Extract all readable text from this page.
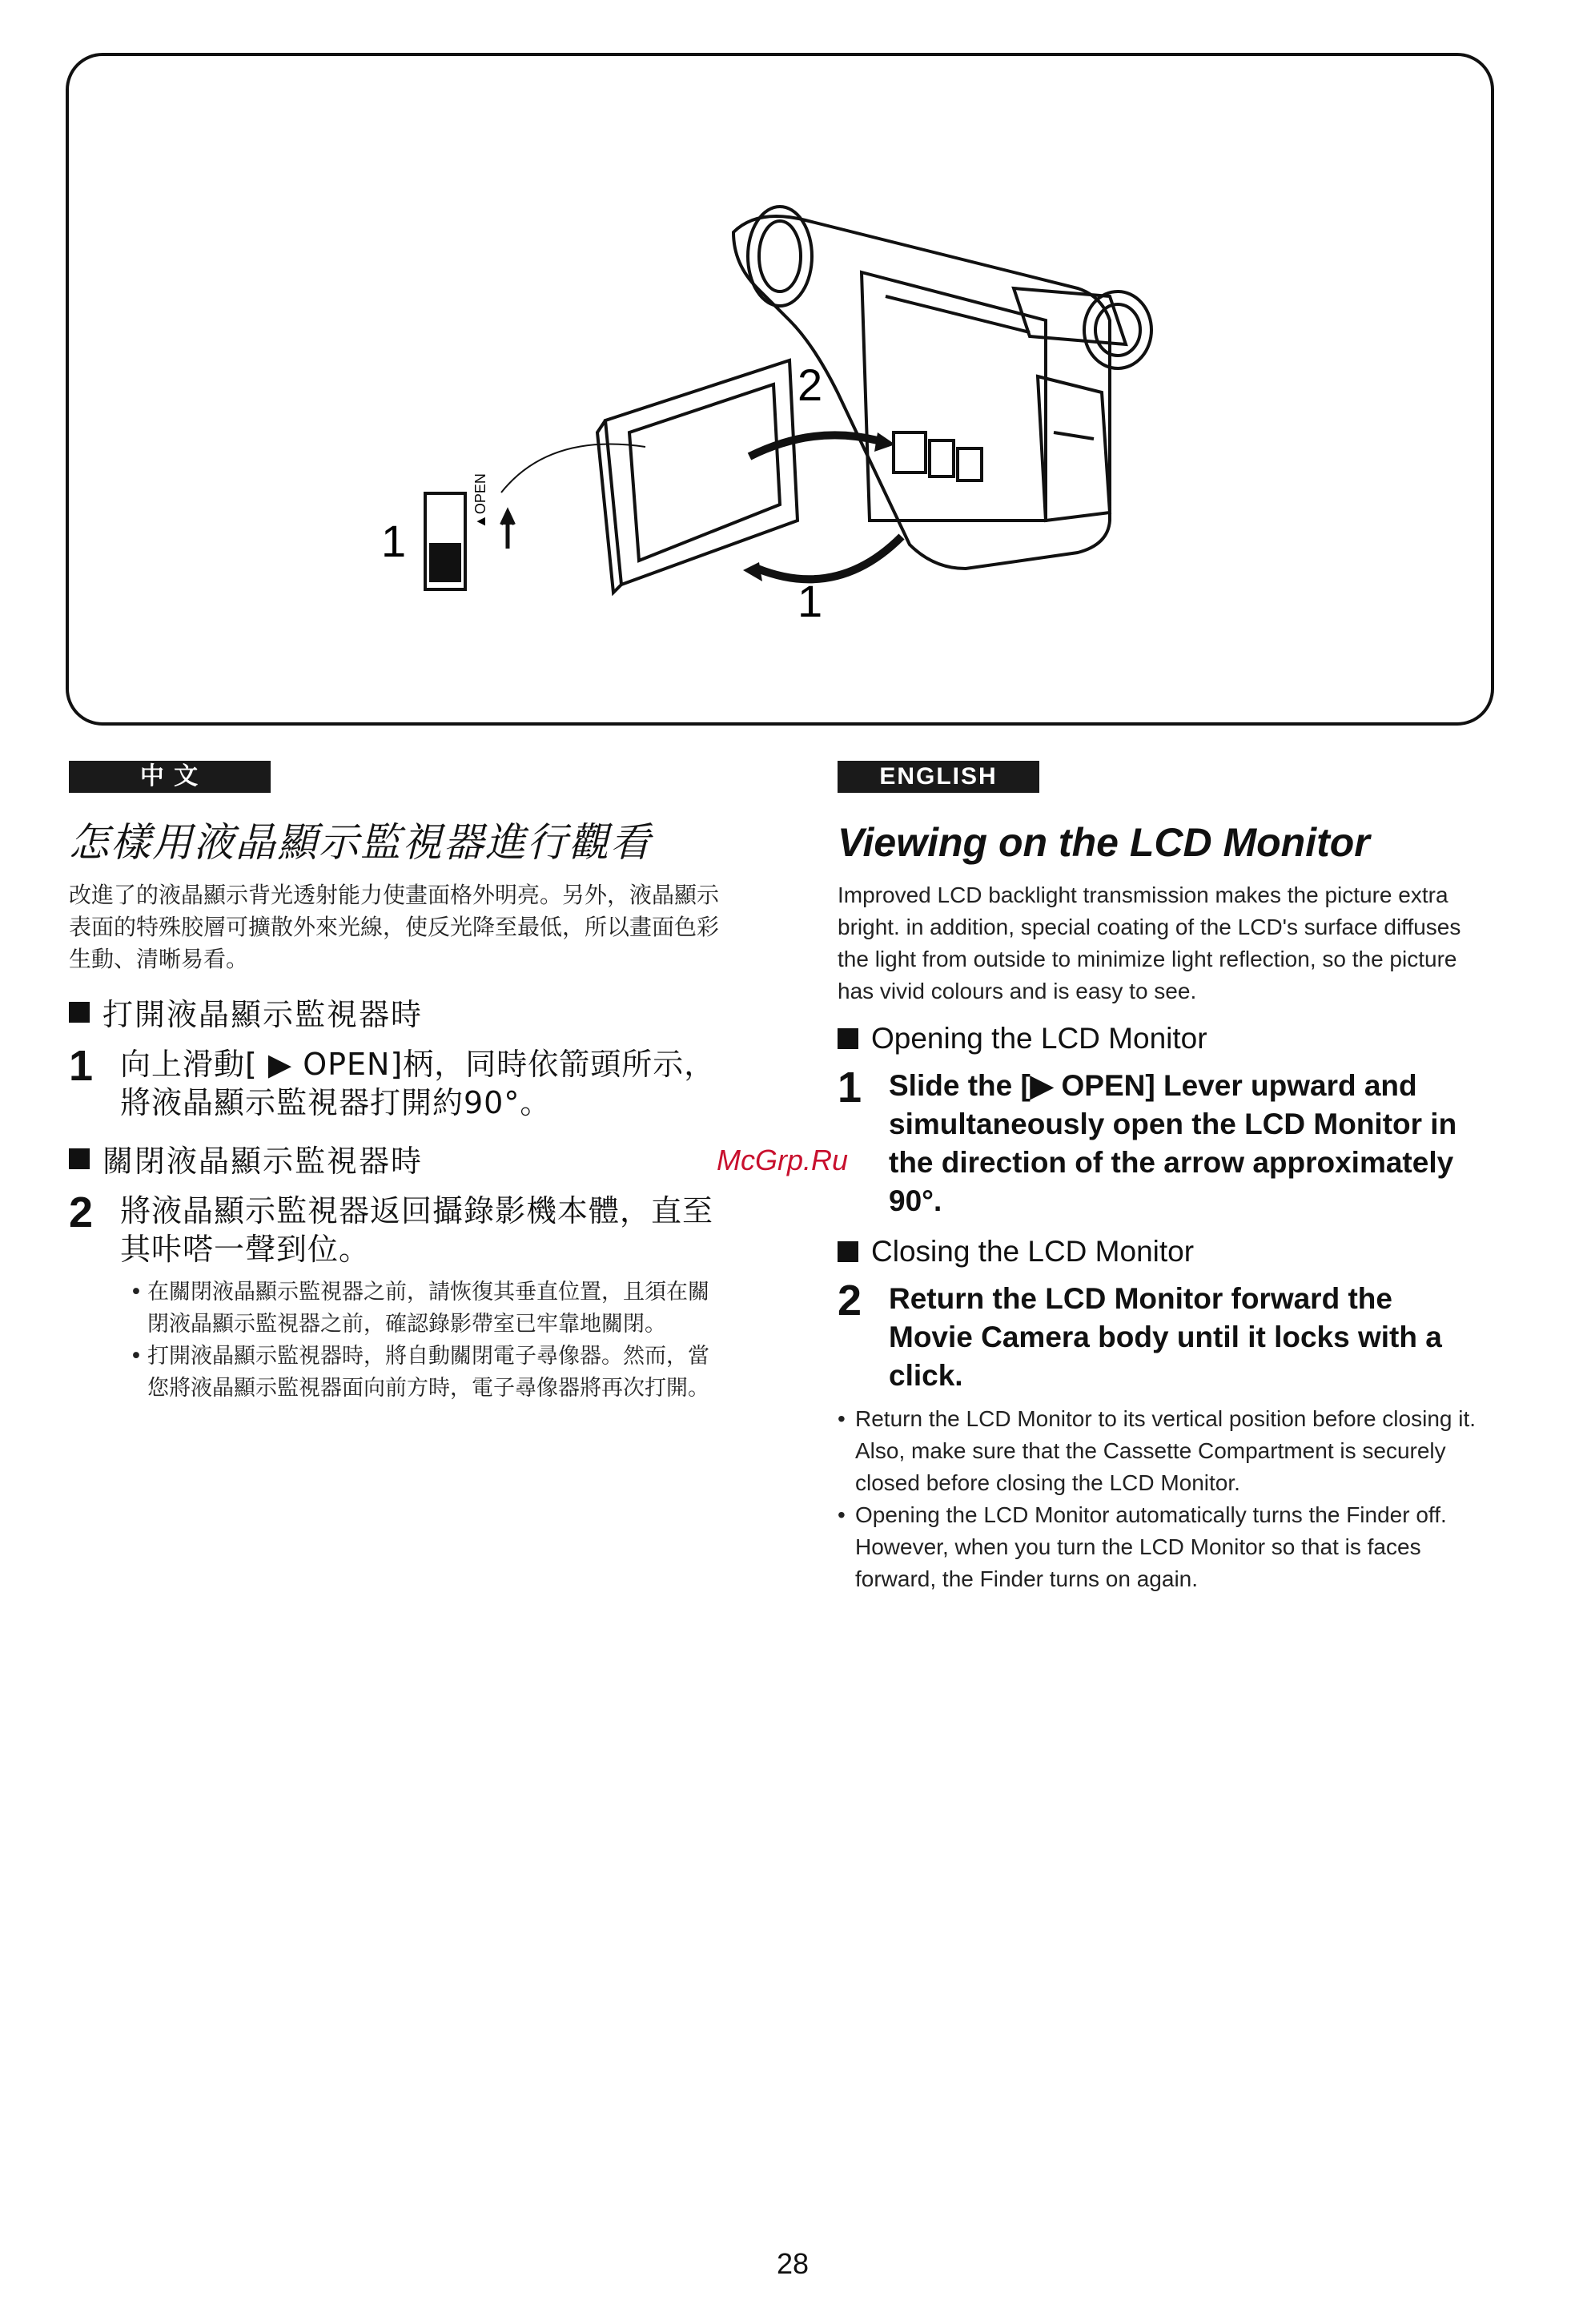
▲OPEN
1
1
2
中 文	ENGLISH
怎樣用液晶顯示監視器進行觀看

改進了的液晶顯示背光透射能力使畫面格外明亮。另外，液晶顯示表面的特殊胶層可擴散外來光線，使反光降至最低，所以畫面色彩生動、清晰易看。

打開液晶顯示監視器時
1 向上滑動[ ▶ OPEN]柄，同時依箭頭所示，將液晶顯示監視器打開約90°。
關閉液晶顯示監視器時
2 將液晶顯示監視器返回攝錄影機本體，直至其咔嗒一聲到位。
• 在關閉液晶顯示監視器之前，請恢復其垂直位置，且須在關閉液晶顯示監視器之前，確認錄影帶室已牢靠地關閉。
• 打開液晶顯示監視器時，將自動關閉電子尋像器。然而，當您將液晶顯示監視器面向前方時，電子尋像器將再次打開。
McGrp.Ru
Viewing on the LCD Monitor

Improved LCD backlight transmission makes the picture extra bright. in addition, special coating of the LCD's surface diffuses the light from outside to minimize light reflection, so the picture has vivid colours and is easy to see.

Opening the LCD Monitor
1 Slide the [▶ OPEN] Lever upward and simultaneously open the LCD Monitor in the direction of the arrow approximately 90°.
Closing the LCD Monitor
2 Return the LCD Monitor forward the Movie Camera body until it locks with a click.
• Return the LCD Monitor to its vertical position before closing it. Also, make sure that the Cassette Compartment is securely closed before closing the LCD Monitor.
• Opening the LCD Monitor automatically turns the Finder off. However, when you turn the LCD Monitor so that is faces forward, the Finder turns on again.
28
